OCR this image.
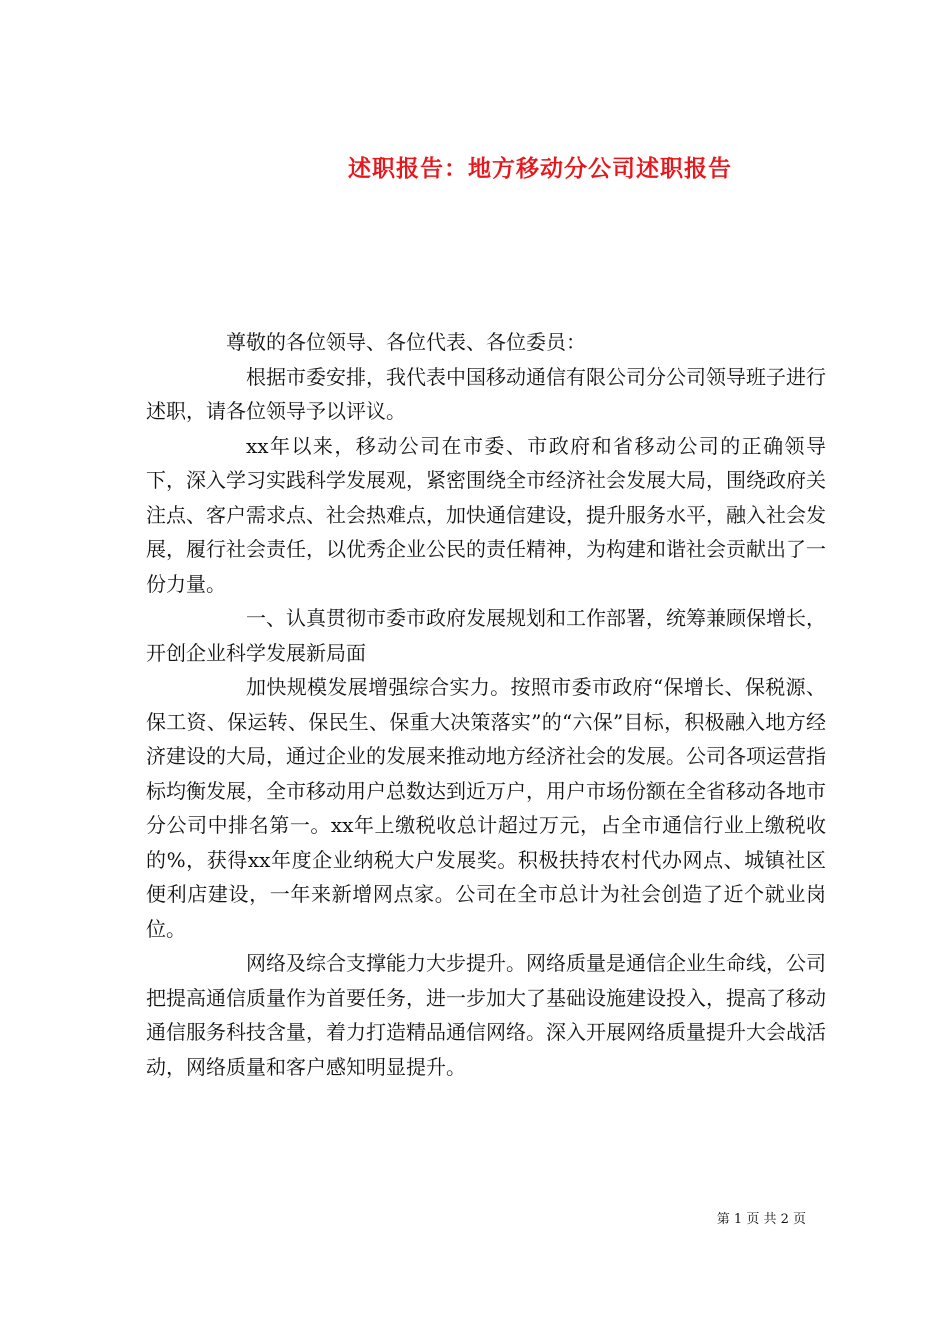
述职报告：地方移动分公司述职报告

尊敬的各位领导、各位代表、各位委员：

根据市委安排，我代表中国移动通信有限公司分公司领导班子进行述职，请各位领导予以评议。

xx年以来，移动公司在市委、市政府和省移动公司的正确领导下，深入学习实践科学发展观，紧密围绕全市经济社会发展大局，围绕政府关注点、客户需求点、社会热难点，加快通信建设，提升服务水平，融入社会发展，履行社会责任，以优秀企业公民的责任精神，为构建和谐社会贡献出了一份力量。

一、认真贯彻市委市政府发展规划和工作部署，统筹兼顾保增长，开创企业科学发展新局面

加快规模发展增强综合实力。按照市委市政府“保增长、保税源、保工资、保运转、保民生、保重大决策落实”的“六保”目标，积极融入地方经济建设的大局，通过企业的发展来推动地方经济社会的发展。公司各项运营指标均衡发展，全市移动用户总数达到近万户，用户市场份额在全省移动各地市分公司中排名第一。xx年上缴税收总计超过万元，占全市通信行业上缴税收的%，获得xx年度企业纳税大户发展奖。积极扶持农村代办网点、城镇社区便利店建设，一年来新增网点家。公司在全市总计为社会创造了近个就业岗位。

网络及综合支撑能力大步提升。网络质量是通信企业生命线，公司把提高通信质量作为首要任务，进一步加大了基础设施建设投入，提高了移动通信服务科技含量，着力打造精品通信网络。深入开展网络质量提升大会战活动，网络质量和客户感知明显提升。

第 1 页 共 2 页
